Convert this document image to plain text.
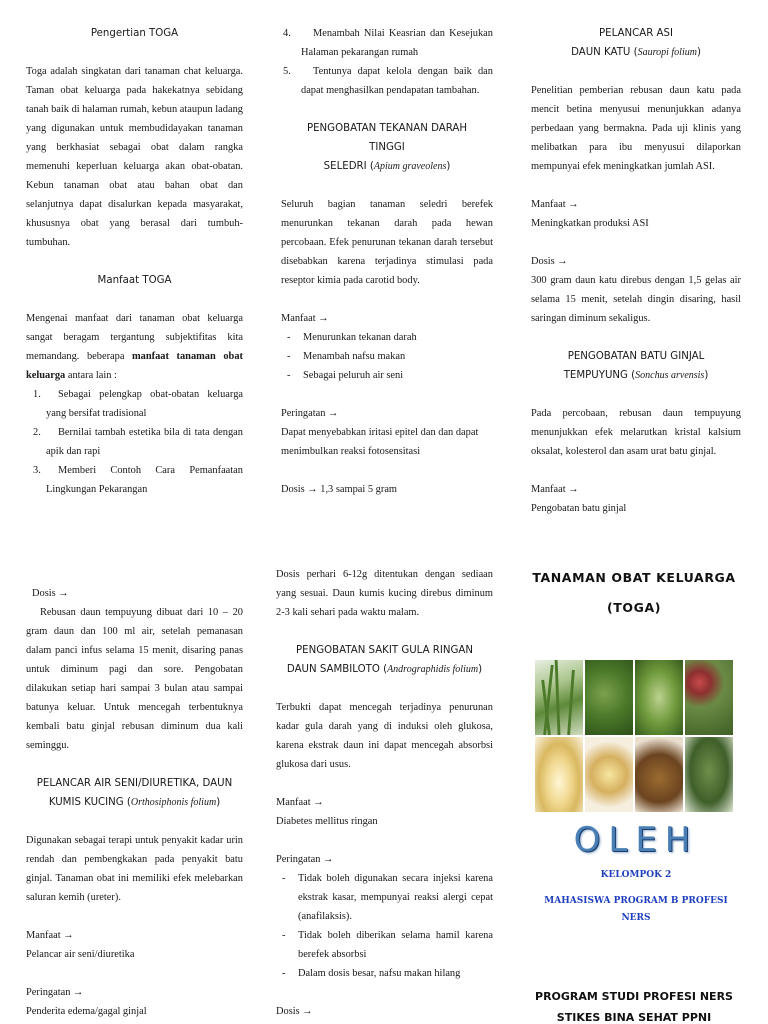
Pengertian TOGA

Toga adalah singkatan dari tanaman chat keluarga. Taman obat keluarga pada hakekatnya sebidang tanah baik di halaman rumah, kebun ataupun ladang yang digunakan untuk membudidayakan tanaman yang berkhasiat sebagai obat dalam rangka memenuhi keperluan keluarga akan obat-obatan. Kebun tanaman obat atau bahan obat dan selanjutnya dapat disalurkan kepada masyarakat, khususnya obat yang berasal dari tumbuh-tumbuhan.

Manfaat TOGA

Mengenai manfaat dari tanaman obat keluarga sangat beragam tergantung subjektifitas kita memandang. beberapa manfaat tanaman obat keluarga antara lain :

1. Sebagai pelengkap obat-obatan keluarga yang bersifat tradisional
2. Bernilai tambah estetika bila di tata dengan apik dan rapi
3. Memberi Contoh Cara Pemanfaatan Lingkungan Pekarangan
4. Menambah Nilai Keasrian dan Kesejukan Halaman pekarangan rumah
5. Tentunya dapat kelola dengan baik dan dapat menghasilkan pendapatan tambahan.
PENGOBATAN TEKANAN DARAH
TINGGI
SELEDRI (Apium graveolens)

Seluruh bagian tanaman seledri berefek menurunkan tekanan darah pada hewan percobaan. Efek penurunan tekanan darah tersebut disebabkan karena terjadinya stimulasi pada reseptor kimia pada carotid body.

Manfaat →
- Menurunkan tekanan darah
- Menambah nafsu makan
- Sebagai peluruh air seni
Peringatan →

Dapat menyebabkan iritasi epitel dan dan dapat menimbulkan reaksi fotosensitasi

Dosis → 1,3 sampai 5 gram
PELANCAR ASI
DAUN KATU (Sauropi folium)

Penelitian pemberian rebusan daun katu pada mencit betina menyusui menunjukkan adanya perbedaan yang bermakna. Pada uji klinis yang melibatkan para ibu menyusui dilaporkan mempunyai efek meningkatkan jumlah ASI.

Manfaat →
Meningkatkan produksi ASI
Dosis →

300 gram daun katu direbus dengan 1,5 gelas air selama 15 menit, setelah dingin disaring, hasil saringan diminum sekaligus.

PENGOBATAN BATU GINJAL
TEMPUYUNG (Sonchus arvensis)

Pada percobaan, rebusan daun tempuyung menunjukkan efek melarutkan kristal kalsium oksalat, kolesterol dan asam urat batu ginjal.

Manfaat →
Pengobatan batu ginjal
Dosis →

Rebusan daun tempuyung dibuat dari 10 – 20 gram daun dan 100 ml air, setelah pemanasan dalam panci infus selama 15 menit, disaring panas untuk diminum pagi dan sore. Pengobatan dilakukan setiap hari sampai 3 bulan atau sampai batunya keluar. Untuk mencegah terbentuknya kembali batu ginjal rebusan diminum dua kali seminggu.

PELANCAR AIR SENI/DIURETIKA, DAUN
KUMIS KUCING (Orthosiphonis folium)

Digunakan sebagai terapi untuk penyakit kadar urin rendah dan pembengkakan pada penyakit batu ginjal. Tanaman obat ini memiliki efek melebarkan saluran kemih (ureter).

Manfaat →
Pelancar air seni/diuretika
Peringatan →
Penderita edema/gagal ginjal

Dosis perhari 6-12g ditentukan dengan sediaan yang sesuai. Daun kumis kucing direbus diminum 2-3 kali sehari pada waktu malam.

PENGOBATAN SAKIT GULA RINGAN
DAUN SAMBILOTO (Andrographidis folium)

Terbukti dapat mencegah terjadinya penurunan kadar gula darah yang di induksi oleh glukosa, karena ekstrak daun ini dapat mencegah absorbsi glukosa dari usus.

Manfaat →
Diabetes mellitus ringan
Peringatan →
- Tidak boleh digunakan secara injeksi karena ekstrak kasar, mempunyai reaksi alergi cepat (anafilaksis).
- Tidak boleh diberikan selama hamil karena berefek absorbsi
- Dalam dosis besar, nafsu makan hilang
Dosis →
TANAMAN OBAT KELUARGA
(TOGA)
OLEH
KELOMPOK 2
MAHASISWA PROGRAM B PROFESI
NERS
PROGRAM STUDI PROFESI NERS
STIKES BINA SEHAT PPNI
